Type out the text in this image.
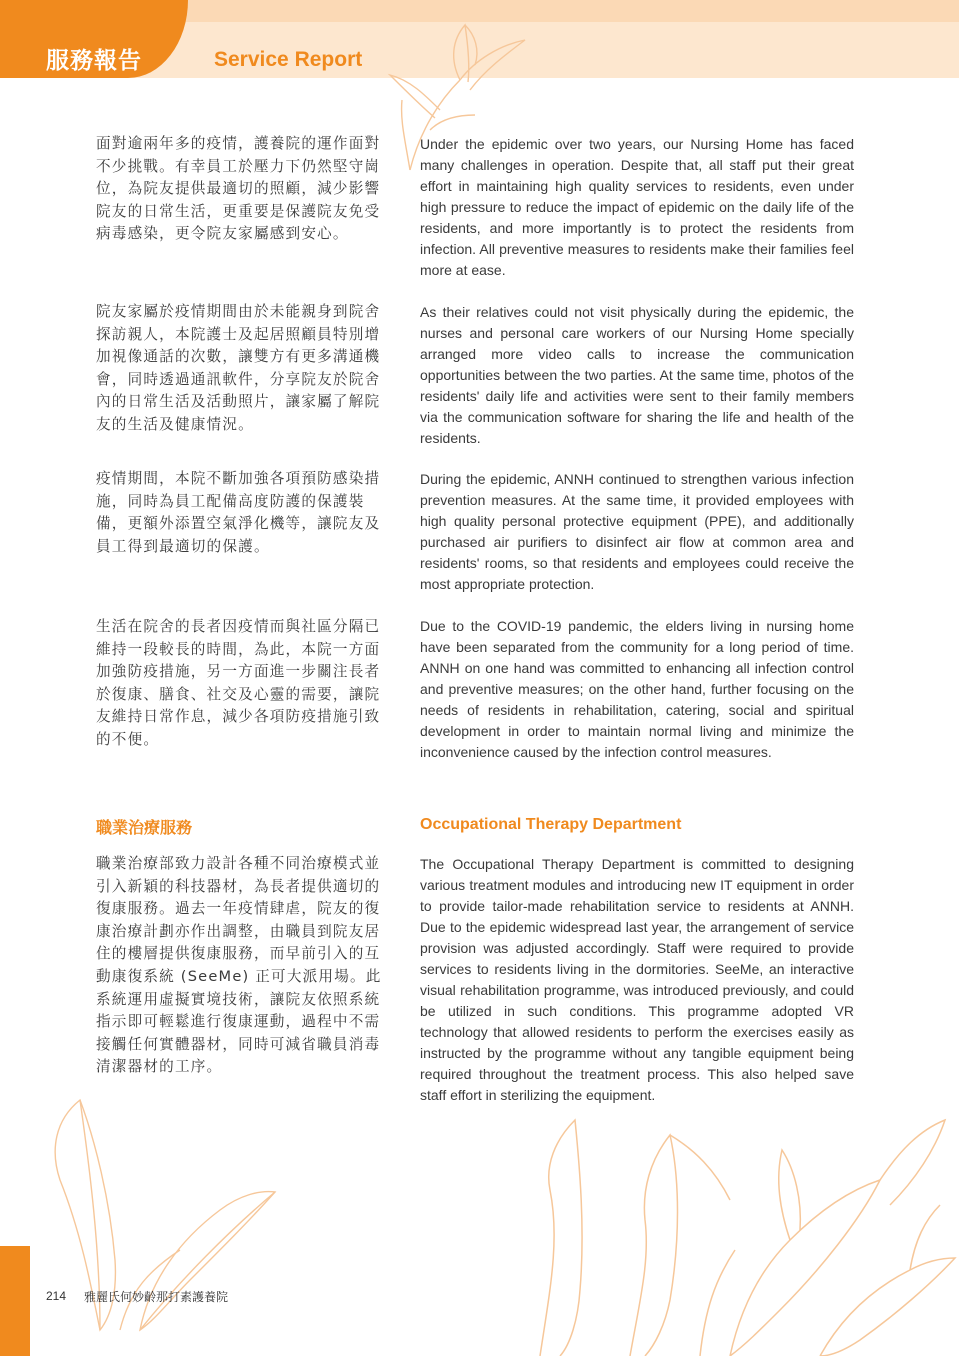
服務報告	Service Report
面對逾兩年多的疫情，護養院的運作面對不少挑戰。有幸員工於壓力下仍然堅守崗位，為院友提供最適切的照顧，減少影響院友的日常生活，更重要是保護院友免受病毒感染，更令院友家屬感到安心。
Under the epidemic over two years, our Nursing Home has faced many challenges in operation. Despite that, all staff put their great effort in maintaining high quality services to residents, even under high pressure to reduce the impact of epidemic on the daily life of the residents, and more importantly is to protect the residents from infection. All preventive measures to residents make their families feel more at ease.
院友家屬於疫情期間由於未能親身到院舍探訪親人，本院護士及起居照顧員特別增加視像通話的次數，讓雙方有更多溝通機會，同時透過通訊軟件，分享院友於院舍內的日常生活及活動照片，讓家屬了解院友的生活及健康情況。
As their relatives could not visit physically during the epidemic, the nurses and personal care workers of our Nursing Home specially arranged more video calls to increase the communication opportunities between the two parties. At the same time, photos of the residents' daily life and activities were sent to their family members via the communication software for sharing the life and health of the residents.
疫情期間，本院不斷加強各項預防感染措施，同時為員工配備高度防護的保護裝備，更額外添置空氣淨化機等，讓院友及員工得到最適切的保護。
During the epidemic, ANNH continued to strengthen various infection prevention measures. At the same time, it provided employees with high quality personal protective equipment (PPE), and additionally purchased air purifiers to disinfect air flow at common area and residents' rooms, so that residents and employees could receive the most appropriate protection.
生活在院舍的長者因疫情而與社區分隔已維持一段較長的時間，為此，本院一方面加強防疫措施，另一方面進一步關注長者於復康、膳食、社交及心靈的需要，讓院友維持日常作息，減少各項防疫措施引致的不便。
Due to the COVID-19 pandemic, the elders living in nursing home have been separated from the community for a long period of time. ANNH on one hand was committed to enhancing all infection control and preventive measures; on the other hand, further focusing on the needs of residents in rehabilitation, catering, social and spiritual development in order to maintain normal living and minimize the inconvenience caused by the infection control measures.
職業治療服務	Occupational Therapy Department
職業治療部致力設計各種不同治療模式並引入新穎的科技器材，為長者提供適切的復康服務。過去一年疫情肆虐，院友的復康治療計劃亦作出調整，由職員到院友居住的樓層提供復康服務，而早前引入的互動康復系統 (SeeMe) 正可大派用場。此系統運用虛擬實境技術，讓院友依照系統指示即可輕鬆進行復康運動，過程中不需接觸任何實體器材，同時可減省職員消毒清潔器材的工序。
The Occupational Therapy Department is committed to designing various treatment modules and introducing new IT equipment in order to provide tailor-made rehabilitation service to residents at ANNH. Due to the epidemic widespread last year, the arrangement of service provision was adjusted accordingly. Staff were required to provide services to residents living in the dormitories. SeeMe, an interactive visual rehabilitation programme, was introduced previously, and could be utilized in such conditions. This programme adopted VR technology that allowed residents to perform the exercises easily as instructed by the programme without any tangible equipment being required throughout the treatment process. This also helped save staff effort in sterilizing the equipment.
214 雅麗氏何妙齡那打素護養院
